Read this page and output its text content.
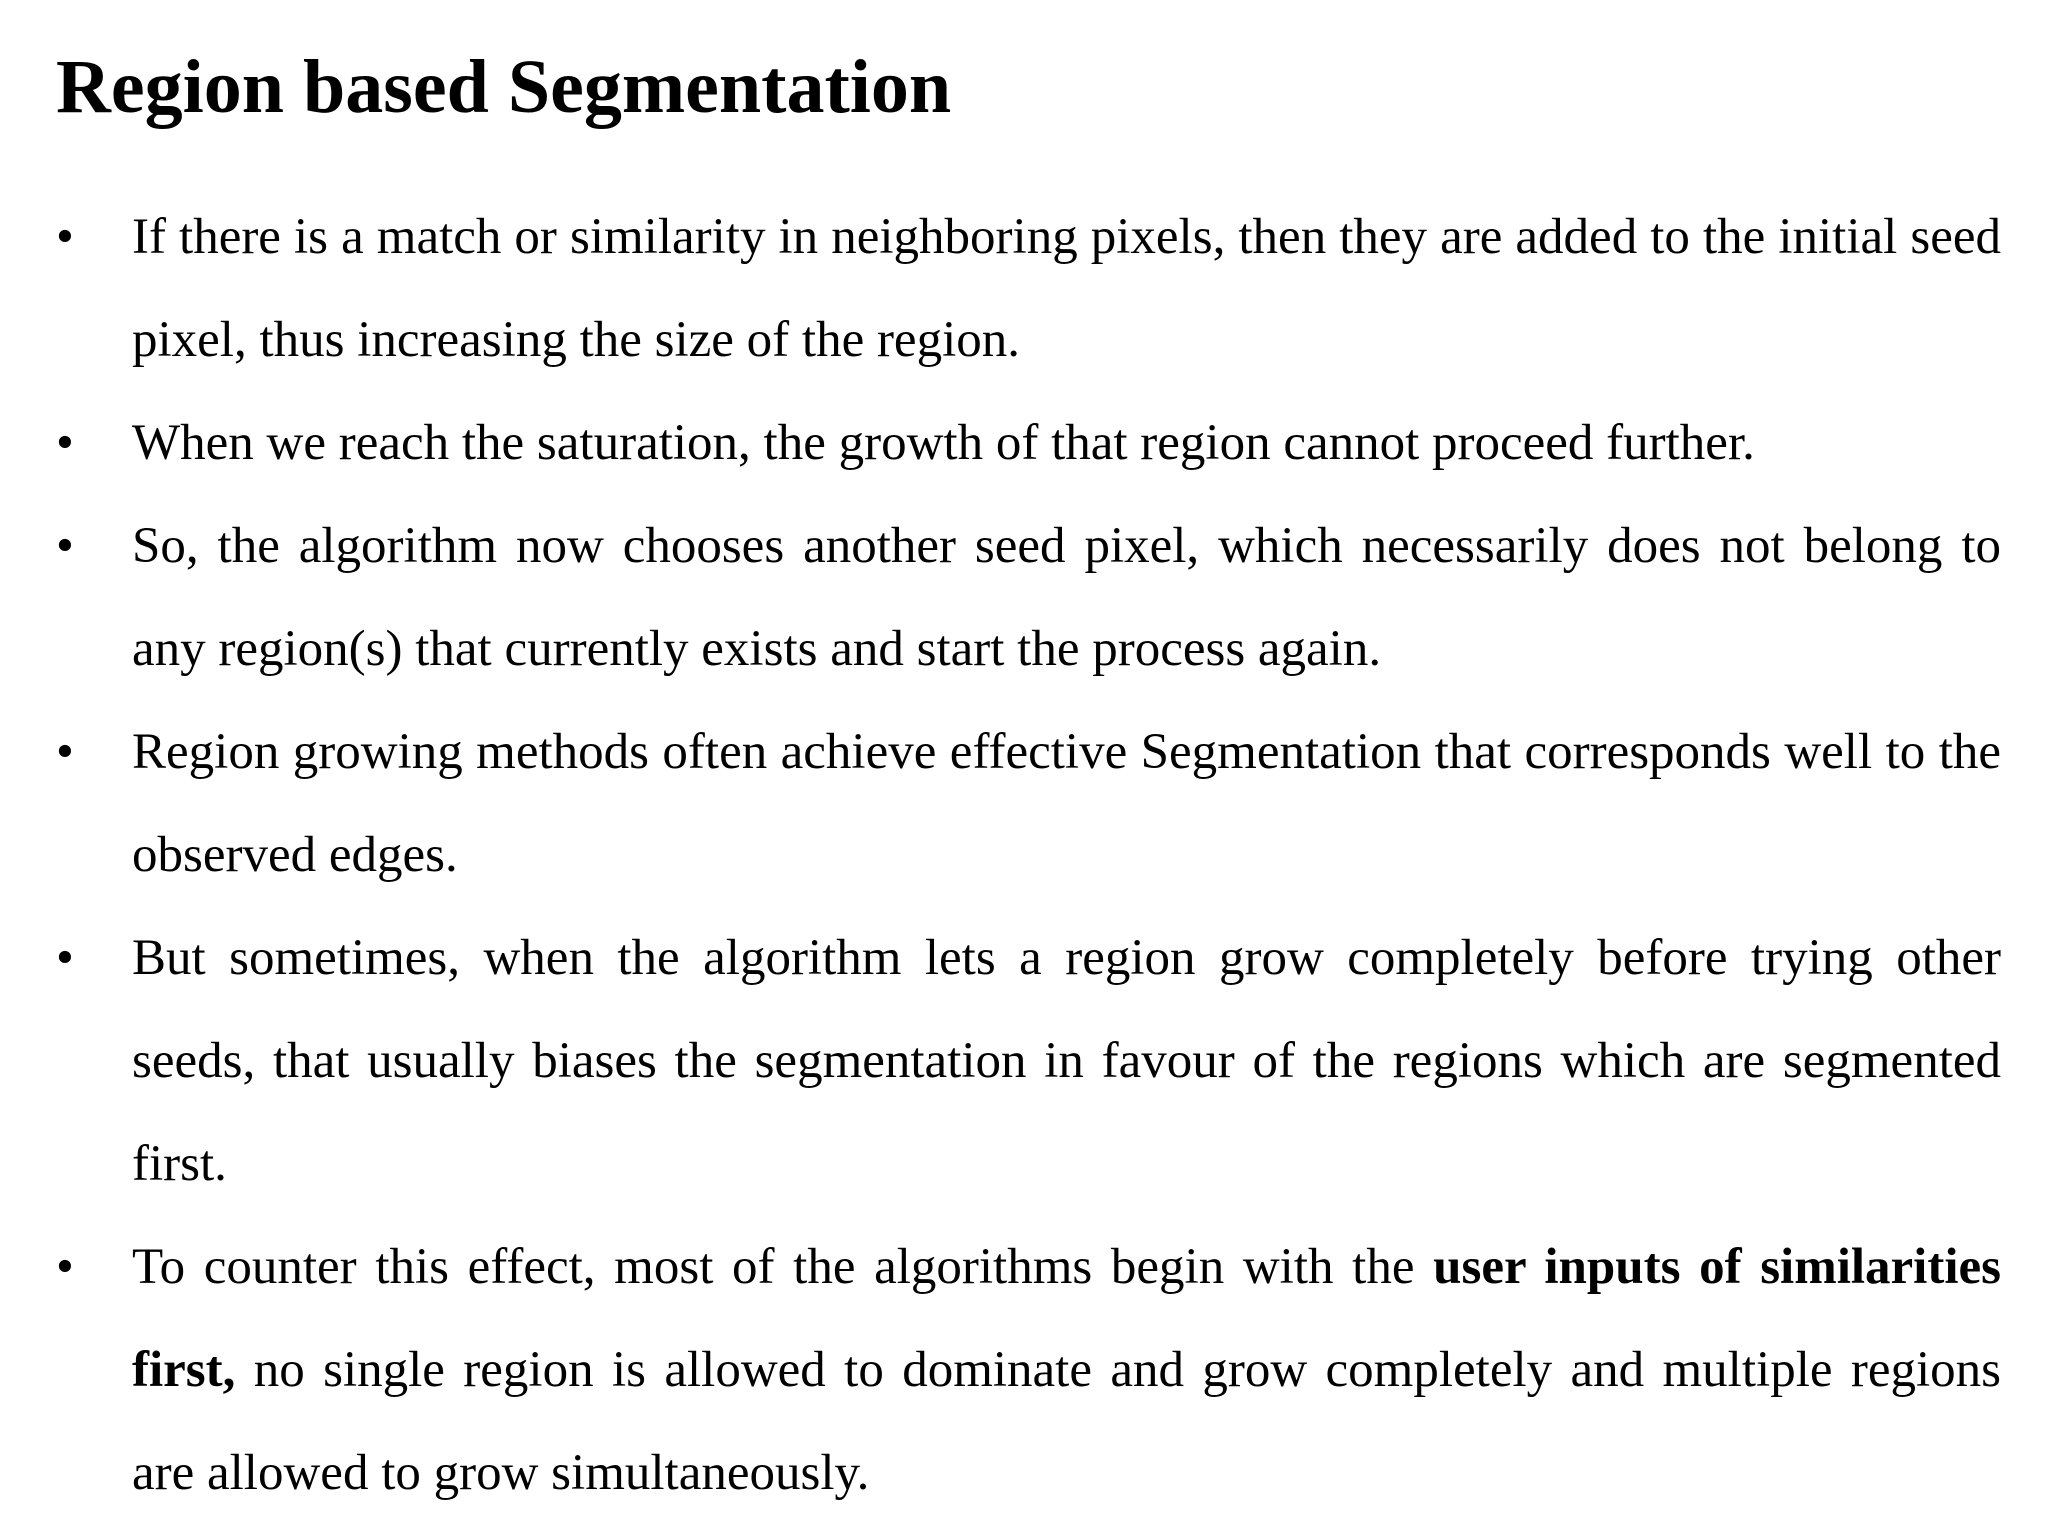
Region based Segmentation
• If there is a match or similarity in neighboring pixels, then they are added to the initial seed pixel, thus increasing the size of the region.
• When we reach the saturation, the growth of that region cannot proceed further.
• So, the algorithm now chooses another seed pixel, which necessarily does not belong to any region(s) that currently exists and start the process again.
• Region growing methods often achieve effective Segmentation that corresponds well to the observed edges.
• But sometimes, when the algorithm lets a region grow completely before trying other seeds, that usually biases the segmentation in favour of the regions which are segmented first.
• To counter this effect, most of the algorithms begin with the user inputs of similarities first, no single region is allowed to dominate and grow completely and multiple regions are allowed to grow simultaneously.
